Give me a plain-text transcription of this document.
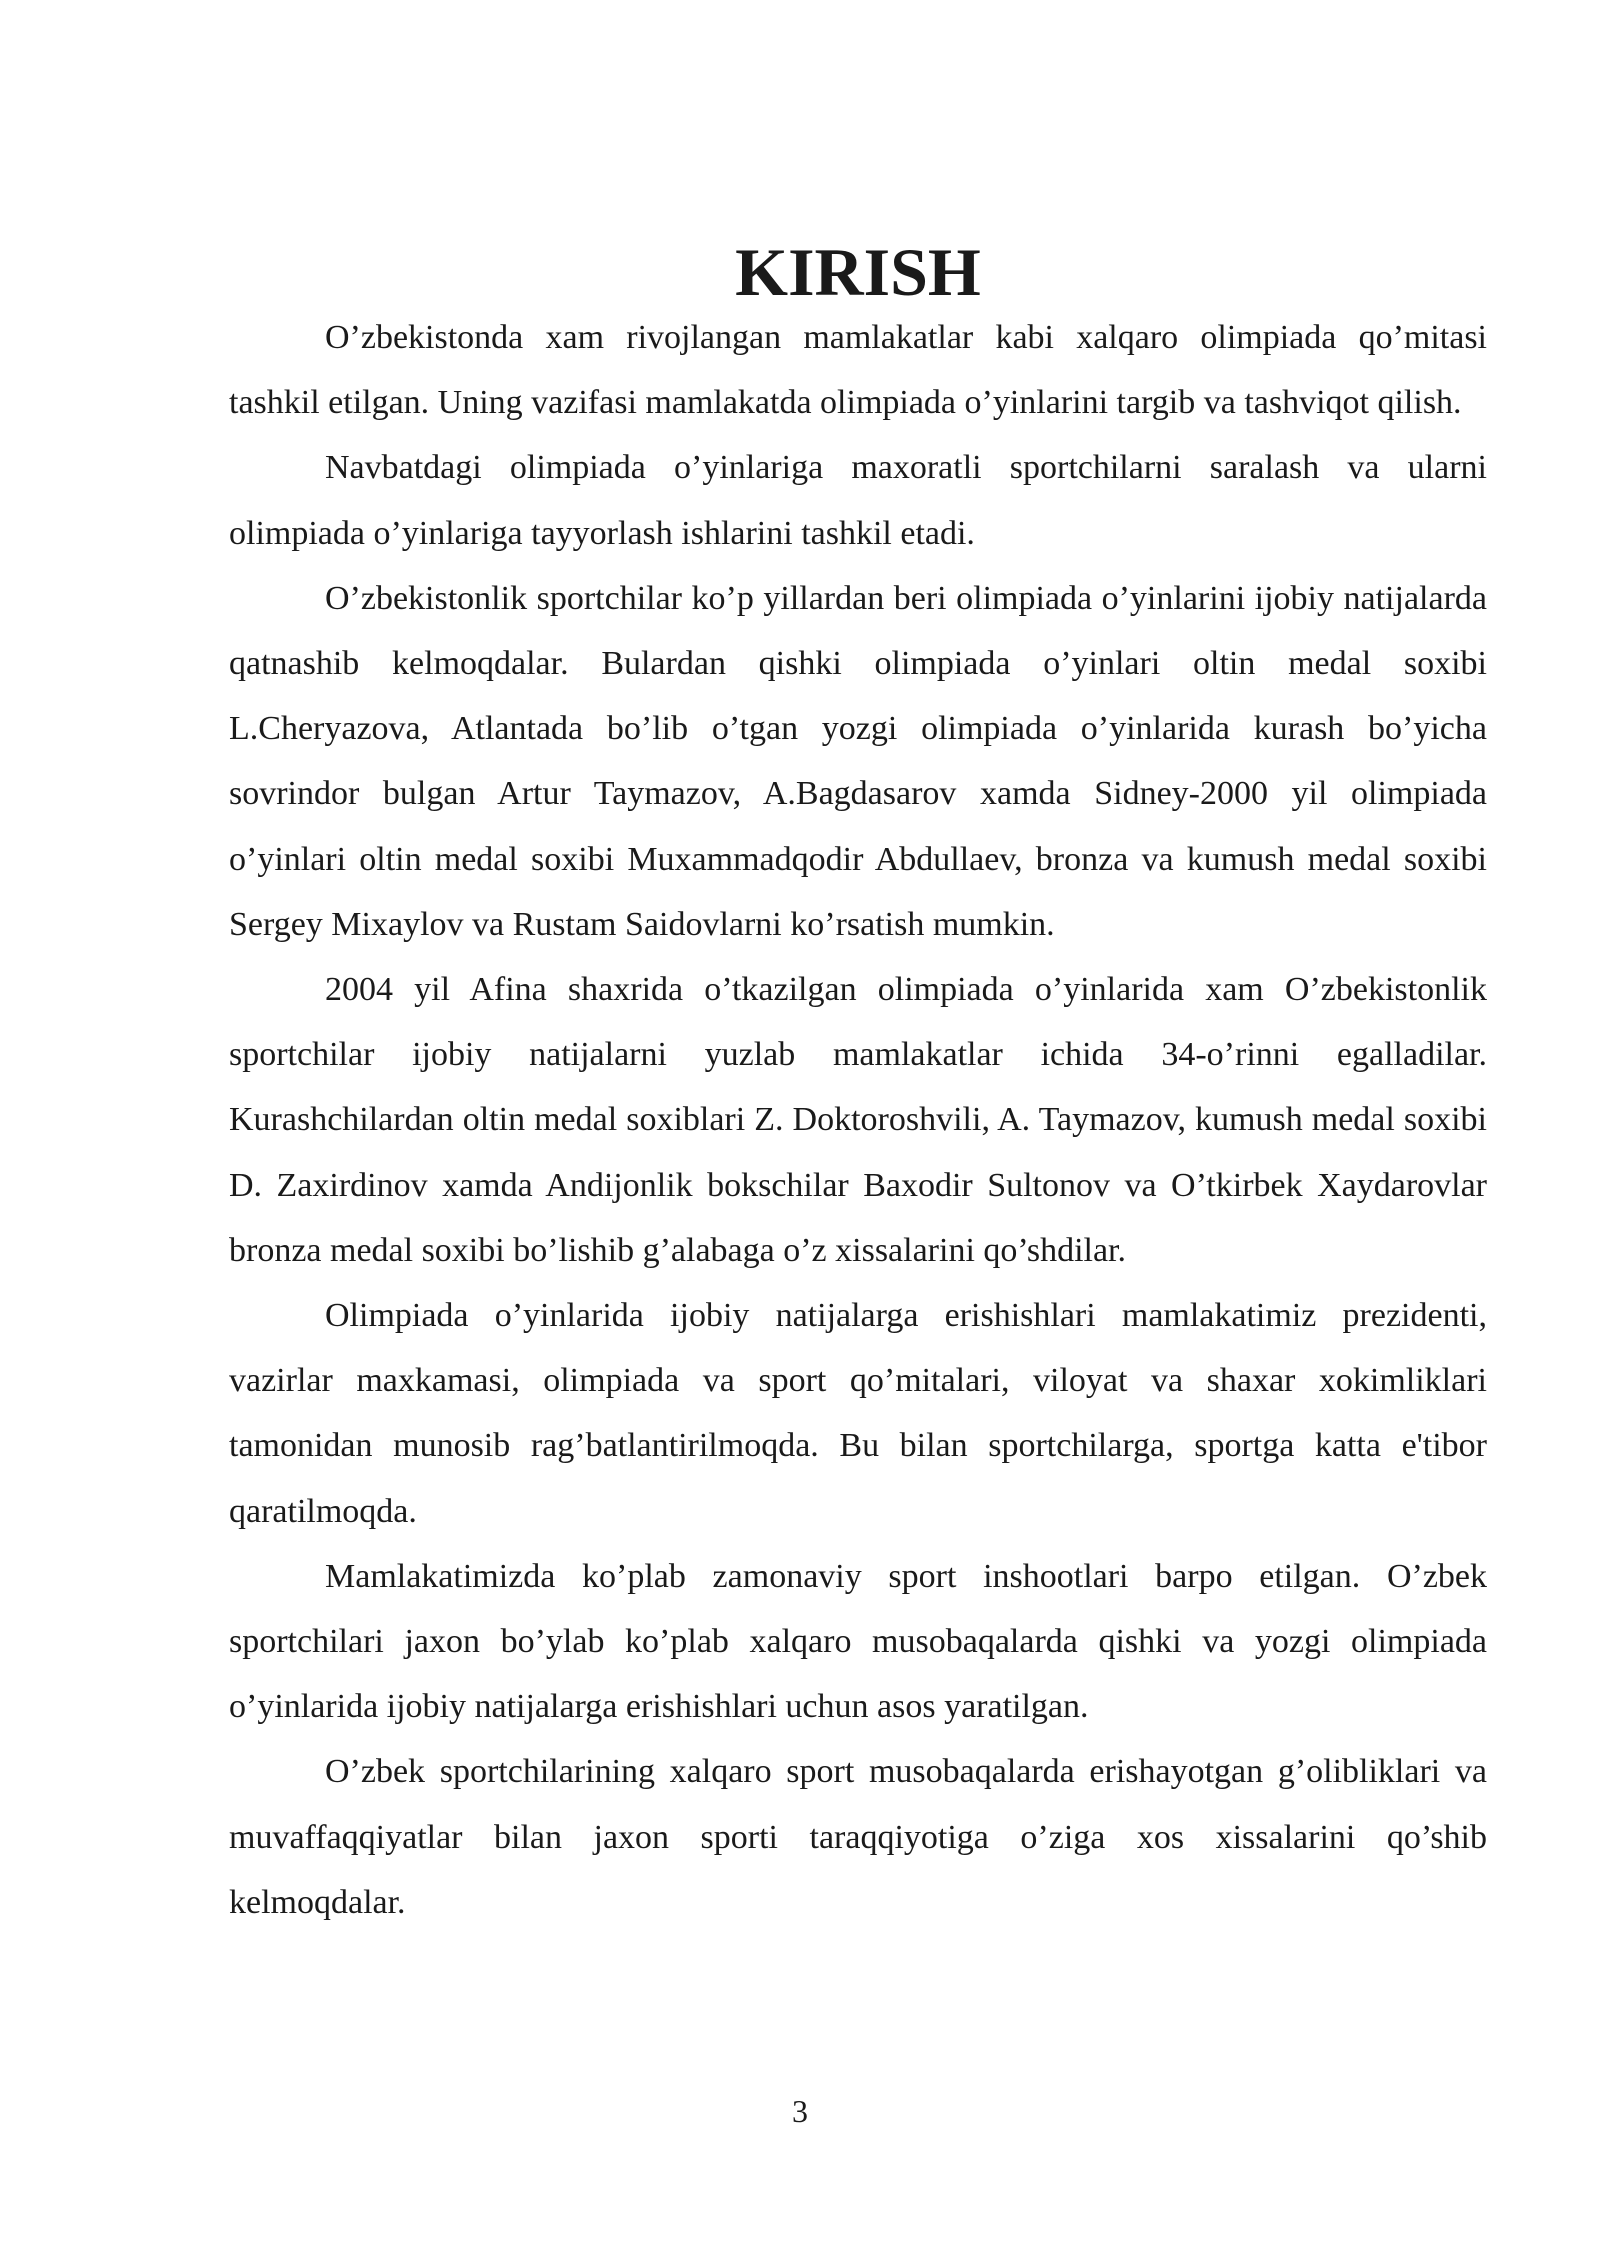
KIRISH

O’zbekistonda xam rivojlangan mamlakatlar kabi xalqaro olimpiada qo’mitasi tashkil etilgan. Uning vazifasi mamlakatda olimpiada o’yinlarini targib va tashviqot qilish.

Navbatdagi olimpiada o’yinlariga maxoratli sportchilarni saralash va ularni olimpiada o’yinlariga tayyorlash ishlarini tashkil etadi.

O’zbekistonlik sportchilar ko’p yillardan beri olimpiada o’yinlarini ijobiy natijalarda qatnashib kelmoqdalar. Bulardan qishki olimpiada o’yinlari oltin medal soxibi L.Cheryazova, Atlantada bo’lib o’tgan yozgi olimpiada o’yinlarida kurash bo’yicha sovrindor bulgan Artur Taymazov, A.Bagdasarov xamda Sidney-2000 yil olimpiada o’yinlari oltin medal soxibi Muxammadqodir Abdullaev, bronza va kumush medal soxibi Sergey Mixaylov va Rustam Saidovlarni ko’rsatish mumkin.

2004 yil Afina shaxrida o’tkazilgan olimpiada o’yinlarida xam O’zbekistonlik sportchilar ijobiy natijalarni yuzlab mamlakatlar ichida 34-o’rinni egalladilar. Kurashchilardan oltin medal soxiblari Z. Doktoroshvili, A. Taymazov, kumush medal soxibi D. Zaxirdinov xamda Andijonlik bokschilar Baxodir Sultonov va O’tkirbek Xaydarovlar bronza medal soxibi bo’lishib g’alabaga o’z xissalarini qo’shdilar.

Olimpiada o’yinlarida ijobiy natijalarga erishishlari mamlakatimiz prezidenti, vazirlar maxkamasi, olimpiada va sport qo’mitalari, viloyat va shaxar xokimliklari tamonidan munosib rag’batlantirilmoqda. Bu bilan sportchilarga, sportga katta e'tibor qaratilmoqda.

Mamlakatimizda ko’plab zamonaviy sport inshootlari barpo etilgan. O’zbek sportchilari jaxon bo’ylab ko’plab xalqaro musobaqalarda qishki va yozgi olimpiada o’yinlarida ijobiy natijalarga erishishlari uchun asos yaratilgan.

O’zbek sportchilarining xalqaro sport musobaqalarda erishayotgan g’olibliklari va muvaffaqqiyatlar bilan jaxon sporti taraqqiyotiga o’ziga xos xissalarini qo’shib kelmoqdalar.

3
